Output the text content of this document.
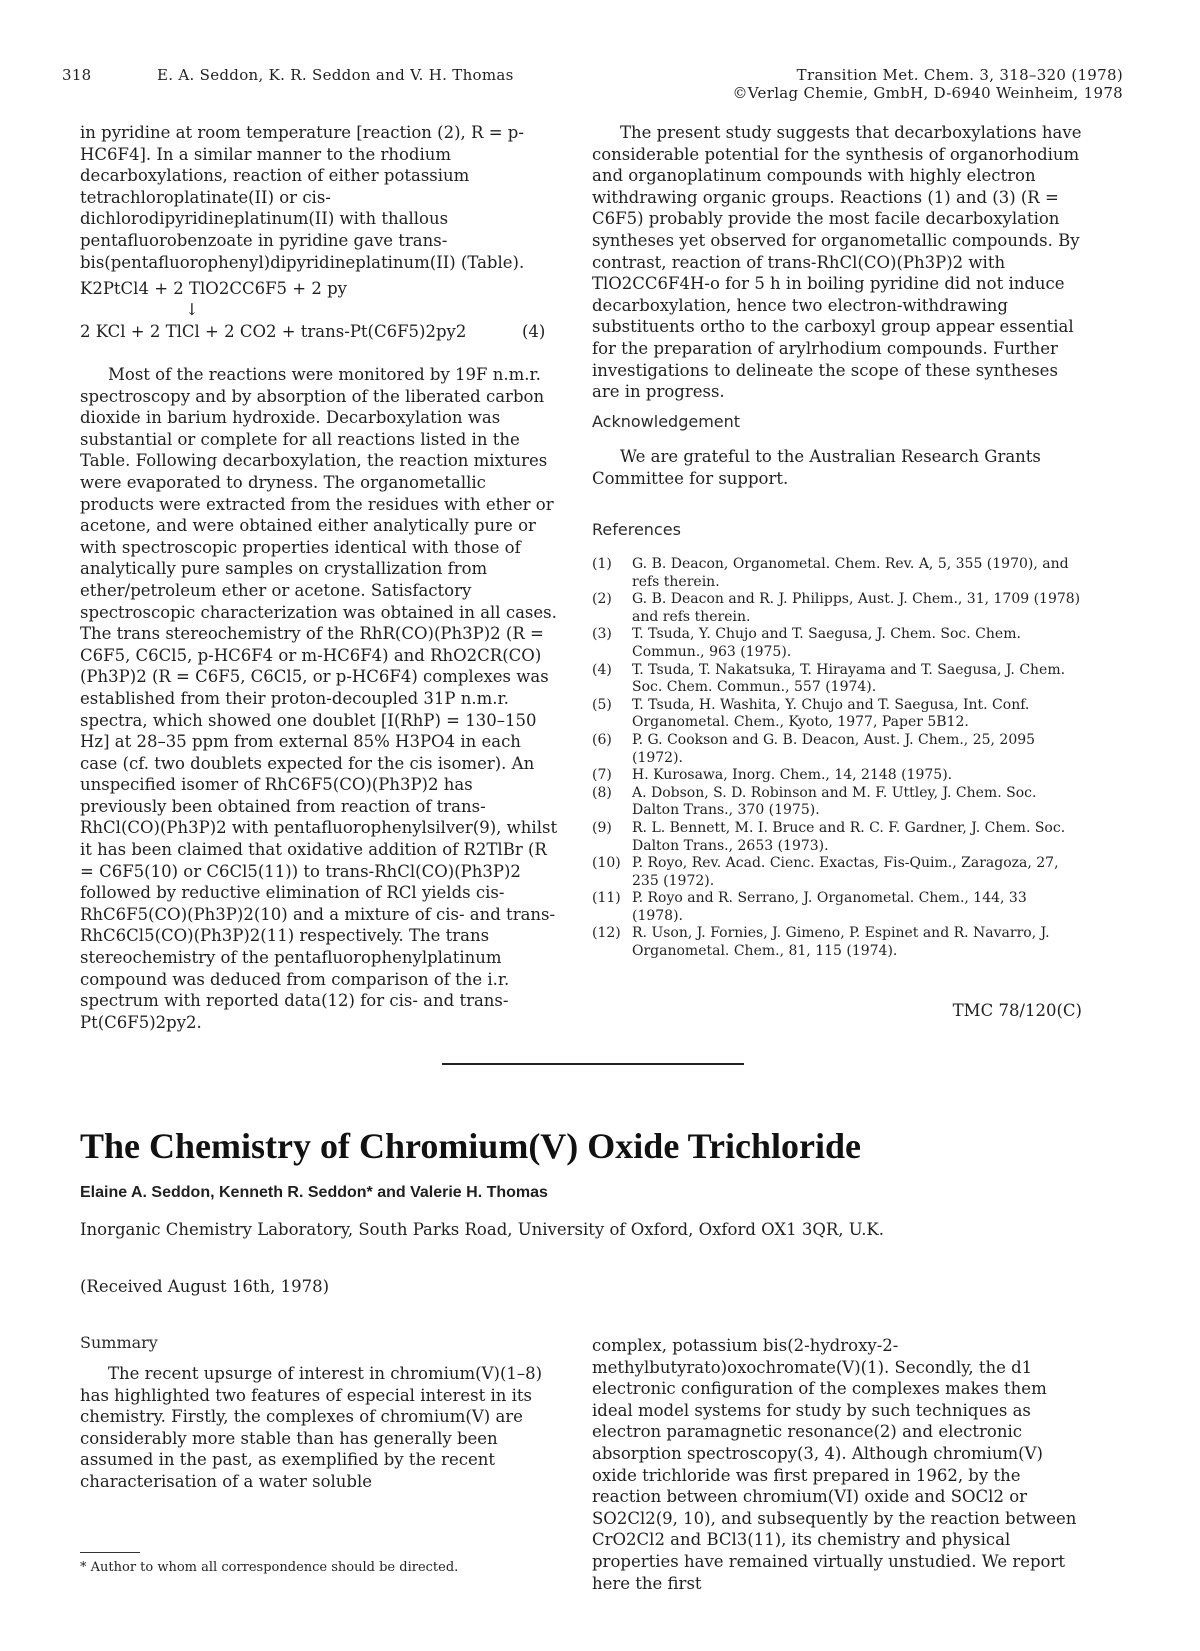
318	E. A. Seddon, K. R. Seddon and V. H. Thomas	Transition Met. Chem. 3, 318–320 (1978)
©Verlag Chemie, GmbH, D-6940 Weinheim, 1978

in pyridine at room temperature [reaction (2), R = p-HC6F4]. In a similar manner to the rhodium decarboxylations, reaction of either potassium tetrachloroplatinate(II) or cis-dichlorodipyridineplatinum(II) with thallous pentafluorobenzoate in pyridine gave trans-bis(pentafluorophenyl)dipyridineplatinum(II) (Table).

K2PtCl4 + 2 TlO2CC6F5 + 2 py
↓
2 KCl + 2 TlCl + 2 CO2 + trans-Pt(C6F5)2py2	(4)

Most of the reactions were monitored by 19F n.m.r. spectroscopy and by absorption of the liberated carbon dioxide in barium hydroxide. Decarboxylation was substantial or complete for all reactions listed in the Table. Following decarboxylation, the reaction mixtures were evaporated to dryness. The organometallic products were extracted from the residues with ether or acetone, and were obtained either analytically pure or with spectroscopic properties identical with those of analytically pure samples on crystallization from ether/petroleum ether or acetone. Satisfactory spectroscopic characterization was obtained in all cases. The trans stereochemistry of the RhR(CO)(Ph3P)2 (R = C6F5, C6Cl5, p-HC6F4 or m-HC6F4) and RhO2CR(CO)(Ph3P)2 (R = C6F5, C6Cl5, or p-HC6F4) complexes was established from their proton-decoupled 31P n.m.r. spectra, which showed one doublet [I(RhP) = 130–150 Hz] at 28–35 ppm from external 85% H3PO4 in each case (cf. two doublets expected for the cis isomer). An unspecified isomer of RhC6F5(CO)(Ph3P)2 has previously been obtained from reaction of trans-RhCl(CO)(Ph3P)2 with pentafluorophenylsilver(9), whilst it has been claimed that oxidative addition of R2TlBr (R = C6F5(10) or C6Cl5(11)) to trans-RhCl(CO)(Ph3P)2 followed by reductive elimination of RCl yields cis-RhC6F5(CO)(Ph3P)2(10) and a mixture of cis- and trans-RhC6Cl5(CO)(Ph3P)2(11) respectively. The trans stereochemistry of the pentafluorophenylplatinum compound was deduced from comparison of the i.r. spectrum with reported data(12) for cis- and trans-Pt(C6F5)2py2.

The present study suggests that decarboxylations have considerable potential for the synthesis of organorhodium and organoplatinum compounds with highly electron withdrawing organic groups. Reactions (1) and (3) (R = C6F5) probably provide the most facile decarboxylation syntheses yet observed for organometallic compounds. By contrast, reaction of trans-RhCl(CO)(Ph3P)2 with TlO2CC6F4H-o for 5 h in boiling pyridine did not induce decarboxylation, hence two electron-withdrawing substituents ortho to the carboxyl group appear essential for the preparation of arylrhodium compounds. Further investigations to delineate the scope of these syntheses are in progress.

Acknowledgement

We are grateful to the Australian Research Grants Committee for support.

References
(1)	G. B. Deacon, Organometal. Chem. Rev. A, 5, 355 (1970), and refs therein.
(2)	G. B. Deacon and R. J. Philipps, Aust. J. Chem., 31, 1709 (1978) and refs therein.
(3)	T. Tsuda, Y. Chujo and T. Saegusa, J. Chem. Soc. Chem. Commun., 963 (1975).
(4)	T. Tsuda, T. Nakatsuka, T. Hirayama and T. Saegusa, J. Chem. Soc. Chem. Commun., 557 (1974).
(5)	T. Tsuda, H. Washita, Y. Chujo and T. Saegusa, Int. Conf. Organometal. Chem., Kyoto, 1977, Paper 5B12.
(6)	P. G. Cookson and G. B. Deacon, Aust. J. Chem., 25, 2095 (1972).
(7)	H. Kurosawa, Inorg. Chem., 14, 2148 (1975).
(8)	A. Dobson, S. D. Robinson and M. F. Uttley, J. Chem. Soc. Dalton Trans., 370 (1975).
(9)	R. L. Bennett, M. I. Bruce and R. C. F. Gardner, J. Chem. Soc. Dalton Trans., 2653 (1973).
(10) P. Royo, Rev. Acad. Cienc. Exactas, Fis-Quim., Zaragoza, 27, 235 (1972).
(11) P. Royo and R. Serrano, J. Organometal. Chem., 144, 33 (1978).
(12) R. Uson, J. Fornies, J. Gimeno, P. Espinet and R. Navarro, J. Organometal. Chem., 81, 115 (1974).
TMC 78/120(C)
The Chemistry of Chromium(V) Oxide Trichloride
Elaine A. Seddon, Kenneth R. Seddon* and Valerie H. Thomas
Inorganic Chemistry Laboratory, South Parks Road, University of Oxford, Oxford OX1 3QR, U.K.
(Received August 16th, 1978)
Summary

The recent upsurge of interest in chromium(V)(1–8) has highlighted two features of especial interest in its chemistry. Firstly, the complexes of chromium(V) are considerably more stable than has generally been assumed in the past, as exemplified by the recent characterisation of a water soluble

* Author to whom all correspondence should be directed.

complex, potassium bis(2-hydroxy-2-methylbutyrato)oxochromate(V)(1). Secondly, the d1 electronic configuration of the complexes makes them ideal model systems for study by such techniques as electron paramagnetic resonance(2) and electronic absorption spectroscopy(3, 4). Although chromium(V) oxide trichloride was first prepared in 1962, by the reaction between chromium(VI) oxide and SOCl2 or SO2Cl2(9, 10), and subsequently by the reaction between CrO2Cl2 and BCl3(11), its chemistry and physical properties have remained virtually unstudied. We report here the first
